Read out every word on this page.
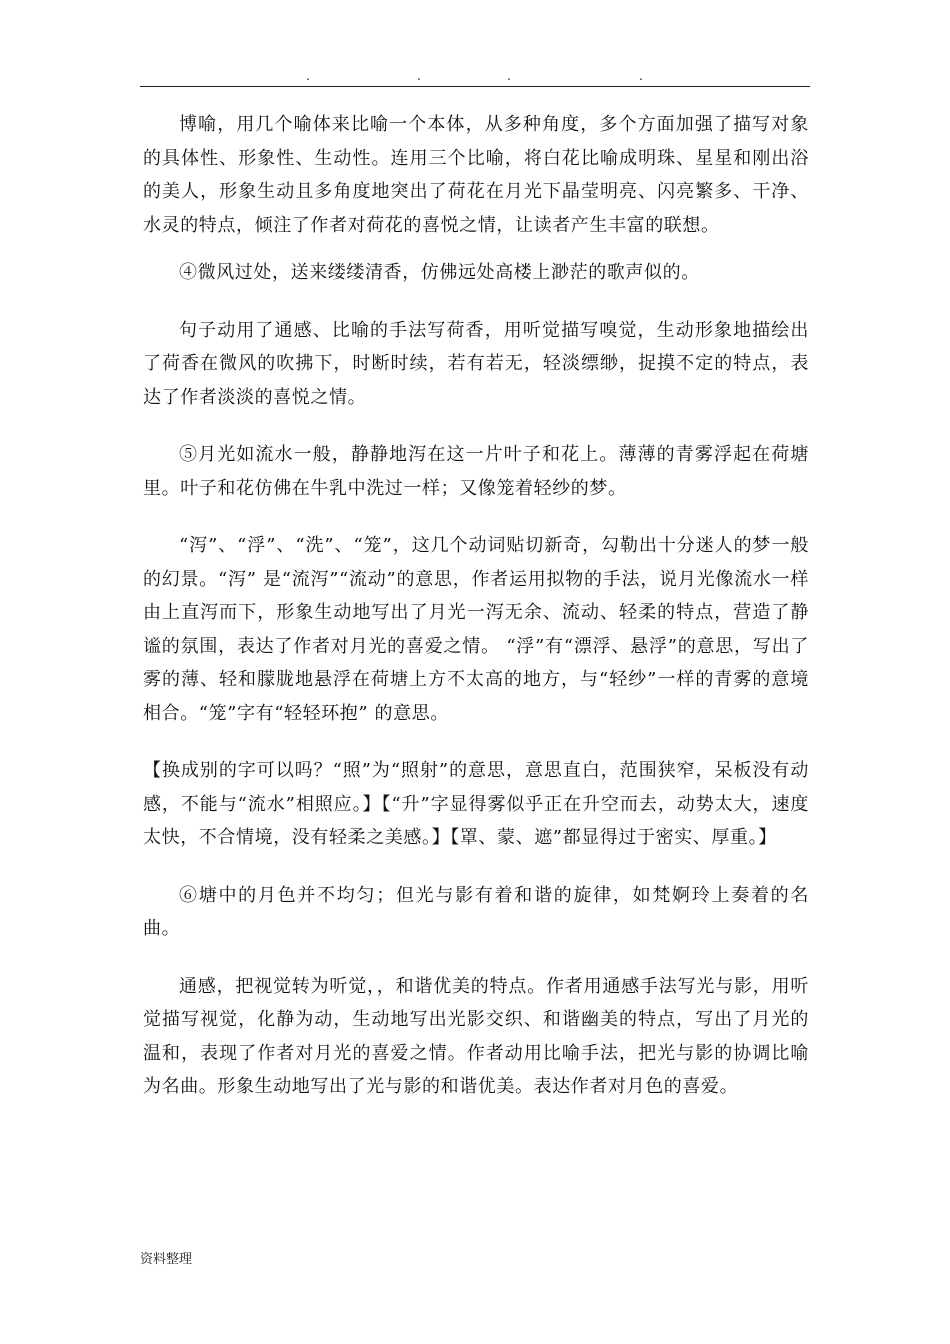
.	.	.	.

博喻，用几个喻体来比喻一个本体，从多种角度，多个方面加强了描写对象的具体性、形象性、生动性。连用三个比喻，将白花比喻成明珠、星星和刚出浴的美人，形象生动且多角度地突出了荷花在月光下晶莹明亮、闪亮繁多、干净、水灵的特点，倾注了作者对荷花的喜悦之情，让读者产生丰富的联想。

④微风过处，送来缕缕清香，仿佛远处高楼上渺茫的歌声似的。

句子动用了通感、比喻的手法写荷香，用听觉描写嗅觉，生动形象地描绘出了荷香在微风的吹拂下，时断时续，若有若无，轻淡缥缈，捉摸不定的特点，表达了作者淡淡的喜悦之情。

⑤月光如流水一般，静静地泻在这一片叶子和花上。薄薄的青雾浮起在荷塘里。叶子和花仿佛在牛乳中洗过一样；又像笼着轻纱的梦。

“泻”、“浮”、“洗”、“笼”，这几个动词贴切新奇，勾勒出十分迷人的梦一般的幻景。“泻” 是“流泻”“流动”的意思，作者运用拟物的手法，说月光像流水一样由上直泻而下，形象生动地写出了月光一泻无余、流动、轻柔的特点，营造了静谧的氛围，表达了作者对月光的喜爱之情。 “浮”有“漂浮、悬浮”的意思，写出了雾的薄、轻和朦胧地悬浮在荷塘上方不太高的地方，与“轻纱”一样的青雾的意境相合。“笼”字有“轻轻环抱” 的意思。

【换成别的字可以吗？“照”为“照射”的意思，意思直白，范围狭窄，呆板没有动感，不能与“流水”相照应。】【“升”字显得雾似乎正在升空而去，动势太大，速度太快，不合情境，没有轻柔之美感。】【罩、蒙、遮”都显得过于密实、厚重。】

⑥塘中的月色并不均匀；但光与影有着和谐的旋律，如梵婀玲上奏着的名曲。

通感，把视觉转为听觉，，和谐优美的特点。作者用通感手法写光与影，用听觉描写视觉，化静为动，生动地写出光影交织、和谐幽美的特点，写出了月光的温和，表现了作者对月光的喜爱之情。作者动用比喻手法，把光与影的协调比喻为名曲。形象生动地写出了光与影的和谐优美。表达作者对月色的喜爱。

资料整理
